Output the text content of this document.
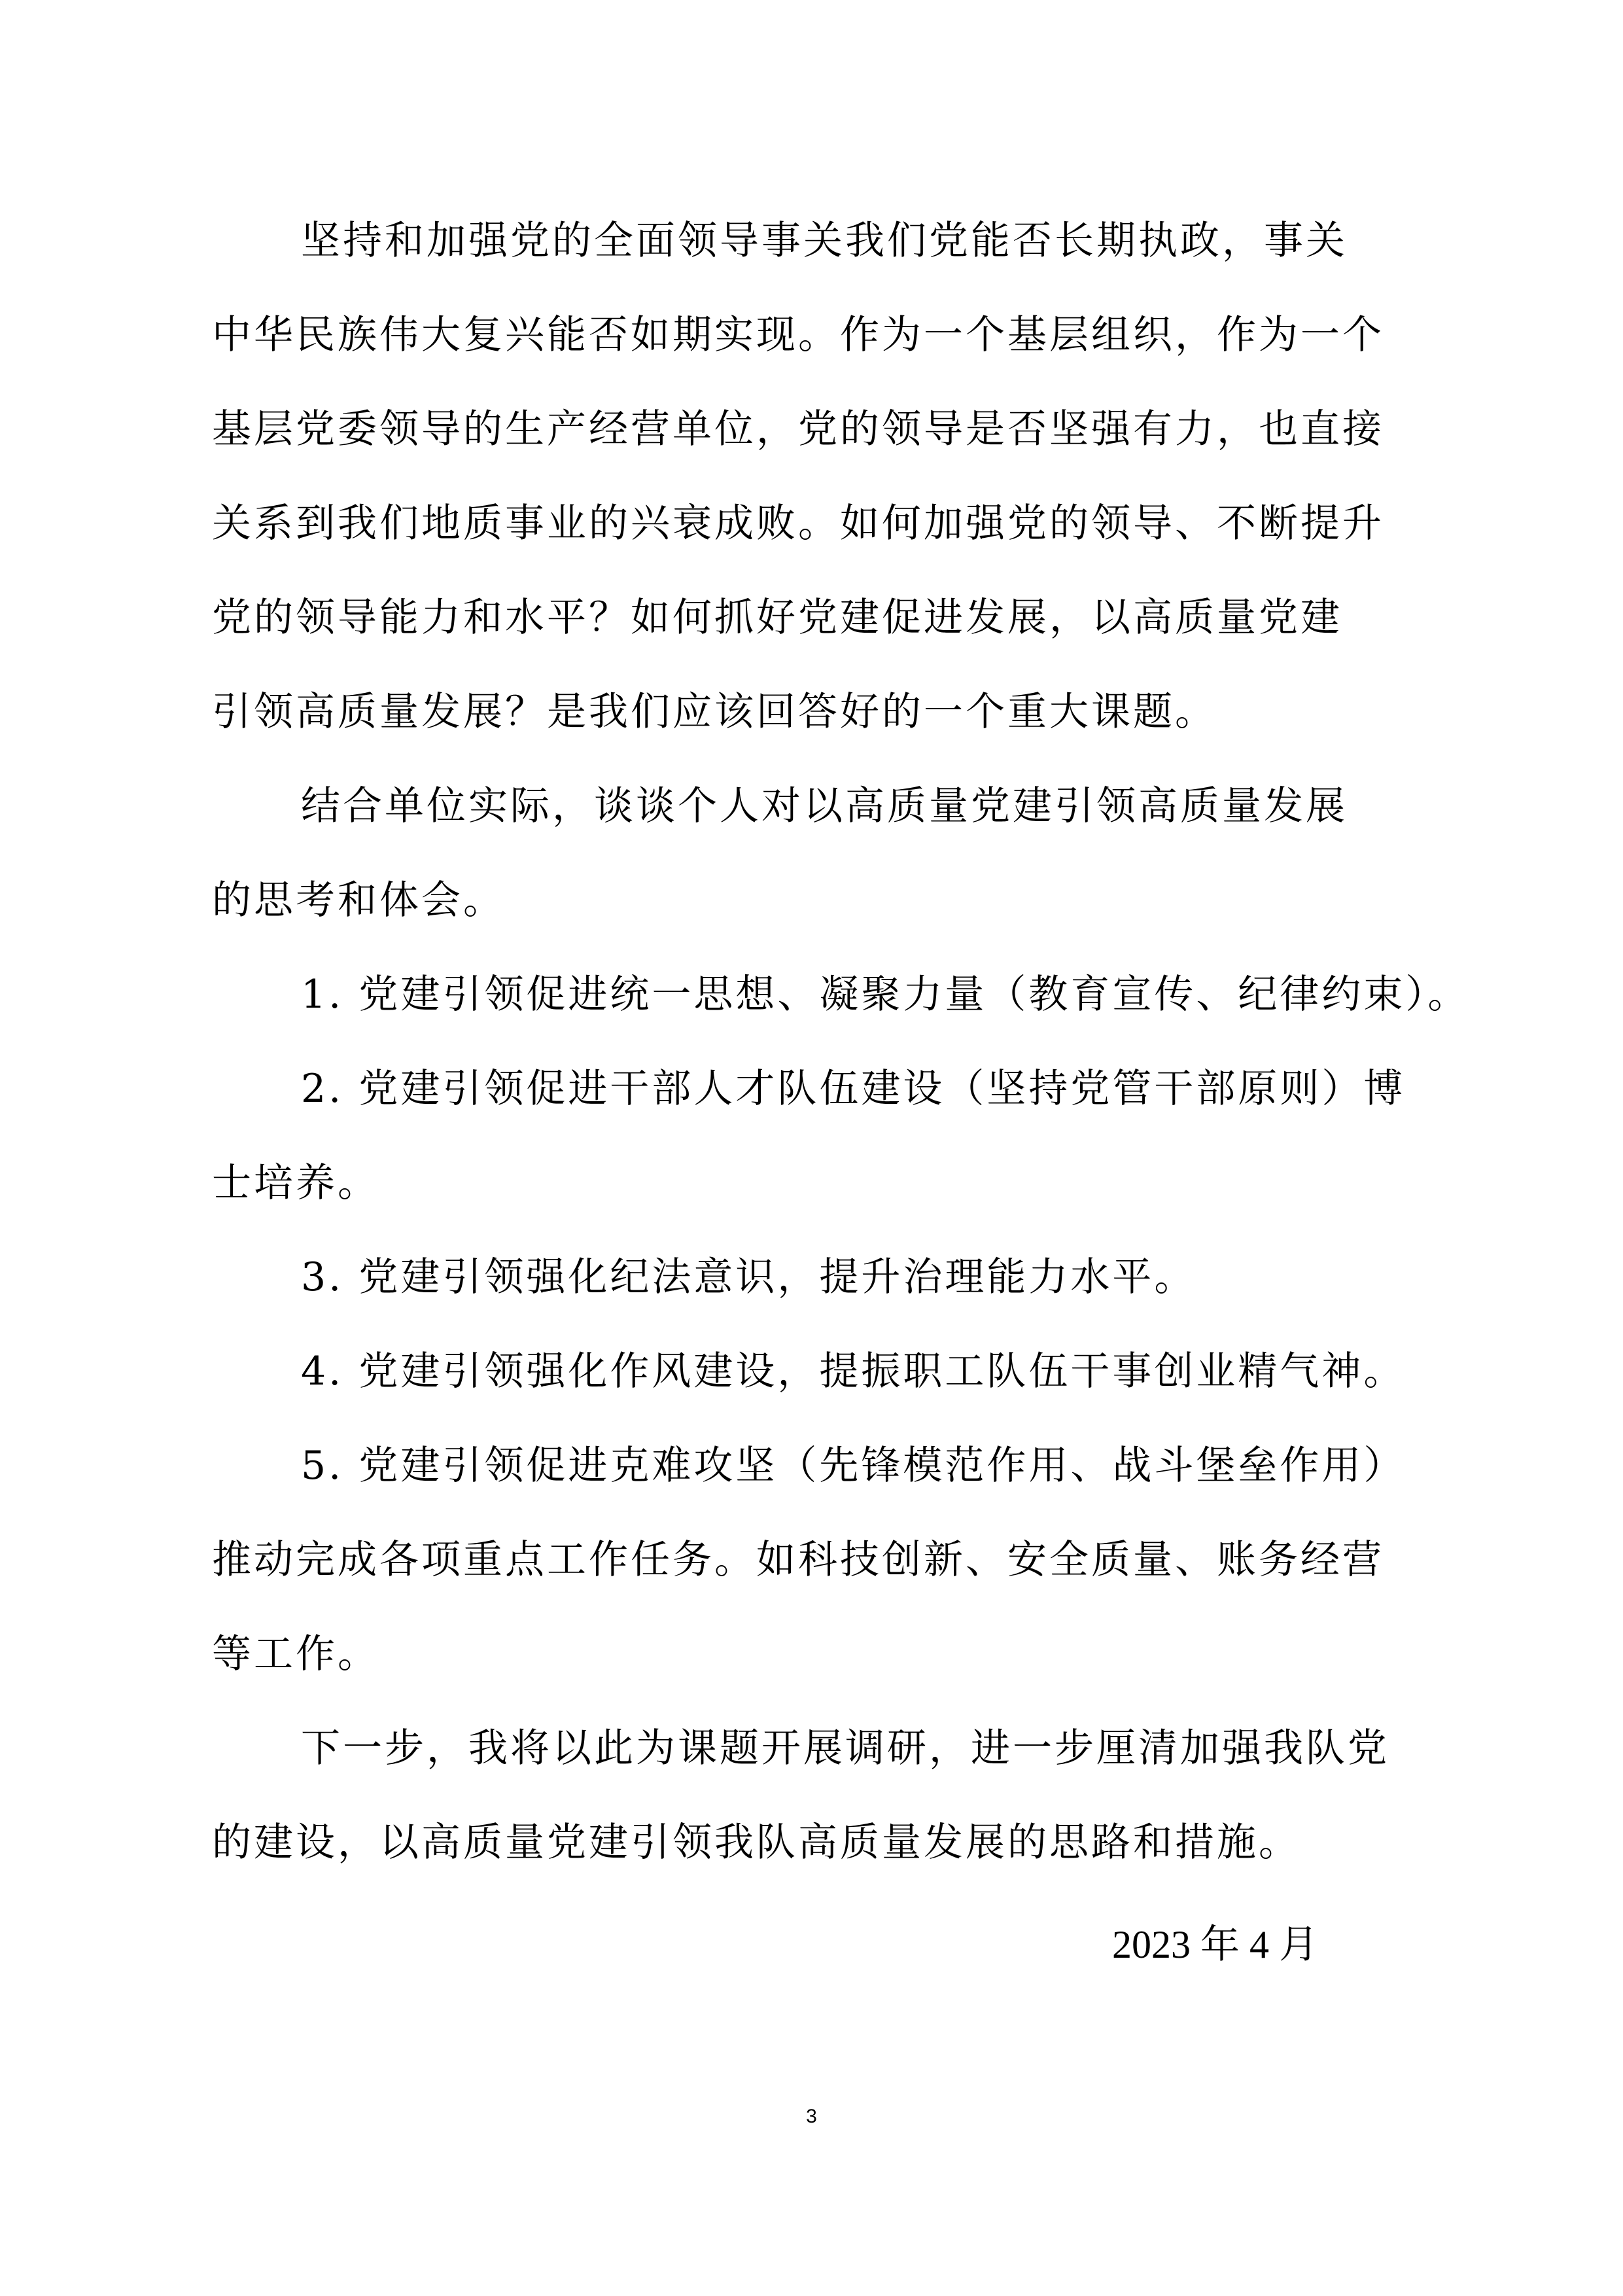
坚持和加强党的全面领导事关我们党能否长期执政，事关
中华民族伟大复兴能否如期实现。作为一个基层组织，作为一个
基层党委领导的生产经营单位，党的领导是否坚强有力，也直接
关系到我们地质事业的兴衰成败。如何加强党的领导、不断提升
党的领导能力和水平？如何抓好党建促进发展，以高质量党建
引领高质量发展？是我们应该回答好的一个重大课题。
结合单位实际，谈谈个人对以高质量党建引领高质量发展
的思考和体会。
1. 党建引领促进统一思想、凝聚力量（教育宣传、纪律约束）。
2. 党建引领促进干部人才队伍建设（坚持党管干部原则）博
士培养。
3. 党建引领强化纪法意识，提升治理能力水平。
4. 党建引领强化作风建设，提振职工队伍干事创业精气神。
5. 党建引领促进克难攻坚（先锋模范作用、战斗堡垒作用）
推动完成各项重点工作任务。如科技创新、安全质量、账务经营
等工作。
下一步，我将以此为课题开展调研，进一步厘清加强我队党
的建设，以高质量党建引领我队高质量发展的思路和措施。
2023 年 4 月
3
